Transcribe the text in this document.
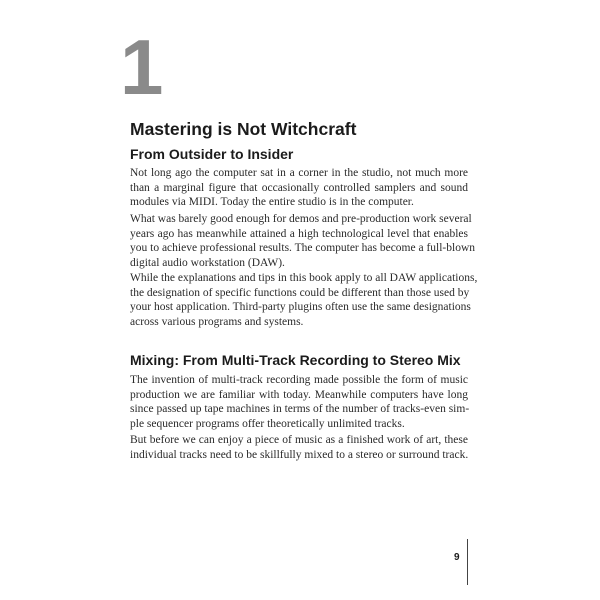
1
Mastering is Not Witchcraft
From Outsider to Insider

Not long ago the computer sat in a corner in the studio, not much more
than a marginal figure that occasionally controlled samplers and sound
modules via MIDI. Today the entire studio is in the computer.

What was barely good enough for demos and pre-production work several
years ago has meanwhile attained a high technological level that enables
you to achieve professional results. The computer has become a full-blown
digital audio workstation (DAW).

While the explanations and tips in this book apply to all DAW applications,
the designation of specific functions could be different than those used by
your host application. Third-party plugins often use the same designations
across various programs and systems.

Mixing: From Multi-Track Recording to Stereo Mix

The invention of multi-track recording made possible the form of music
production we are familiar with today. Meanwhile computers have long
since passed up tape machines in terms of the number of tracks-even sim-
ple sequencer programs offer theoretically unlimited tracks.

But before we can enjoy a piece of music as a finished work of art, these
individual tracks need to be skillfully mixed to a stereo or surround track.

9
